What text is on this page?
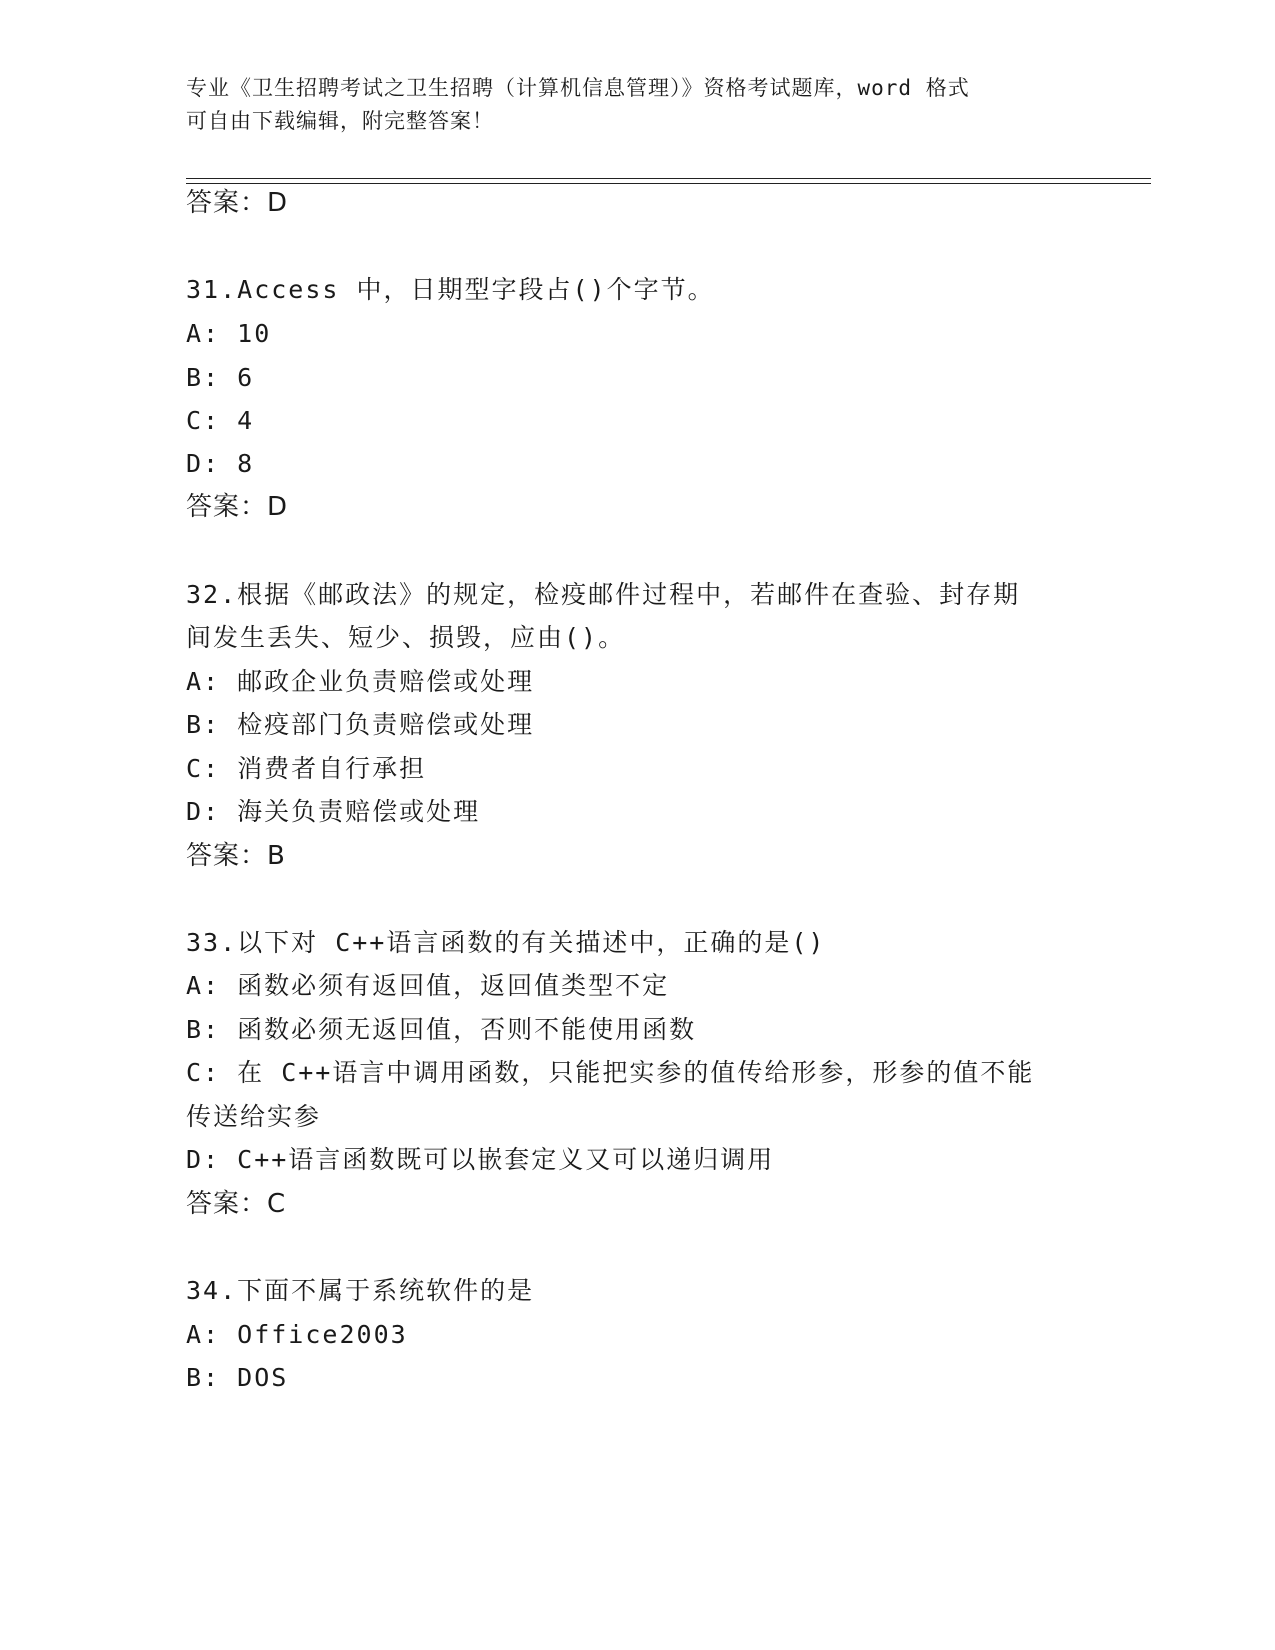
专业《卫生招聘考试之卫生招聘（计算机信息管理）》资格考试题库，word 格式
可自由下载编辑，附完整答案！
答案：D
31.Access 中，日期型字段占()个字节。
A: 10
B: 6
C: 4
D: 8
答案：D
32.根据《邮政法》的规定，检疫邮件过程中，若邮件在查验、封存期
间发生丢失、短少、损毁，应由()。
A: 邮政企业负责赔偿或处理
B: 检疫部门负责赔偿或处理
C: 消费者自行承担
D: 海关负责赔偿或处理
答案：B
33.以下对 C++语言函数的有关描述中，正确的是()
A: 函数必须有返回值，返回值类型不定
B: 函数必须无返回值，否则不能使用函数
C: 在 C++语言中调用函数，只能把实参的值传给形参，形参的值不能
传送给实参
D: C++语言函数既可以嵌套定义又可以递归调用
答案：C
34.下面不属于系统软件的是
A: Office2003
B: DOS
